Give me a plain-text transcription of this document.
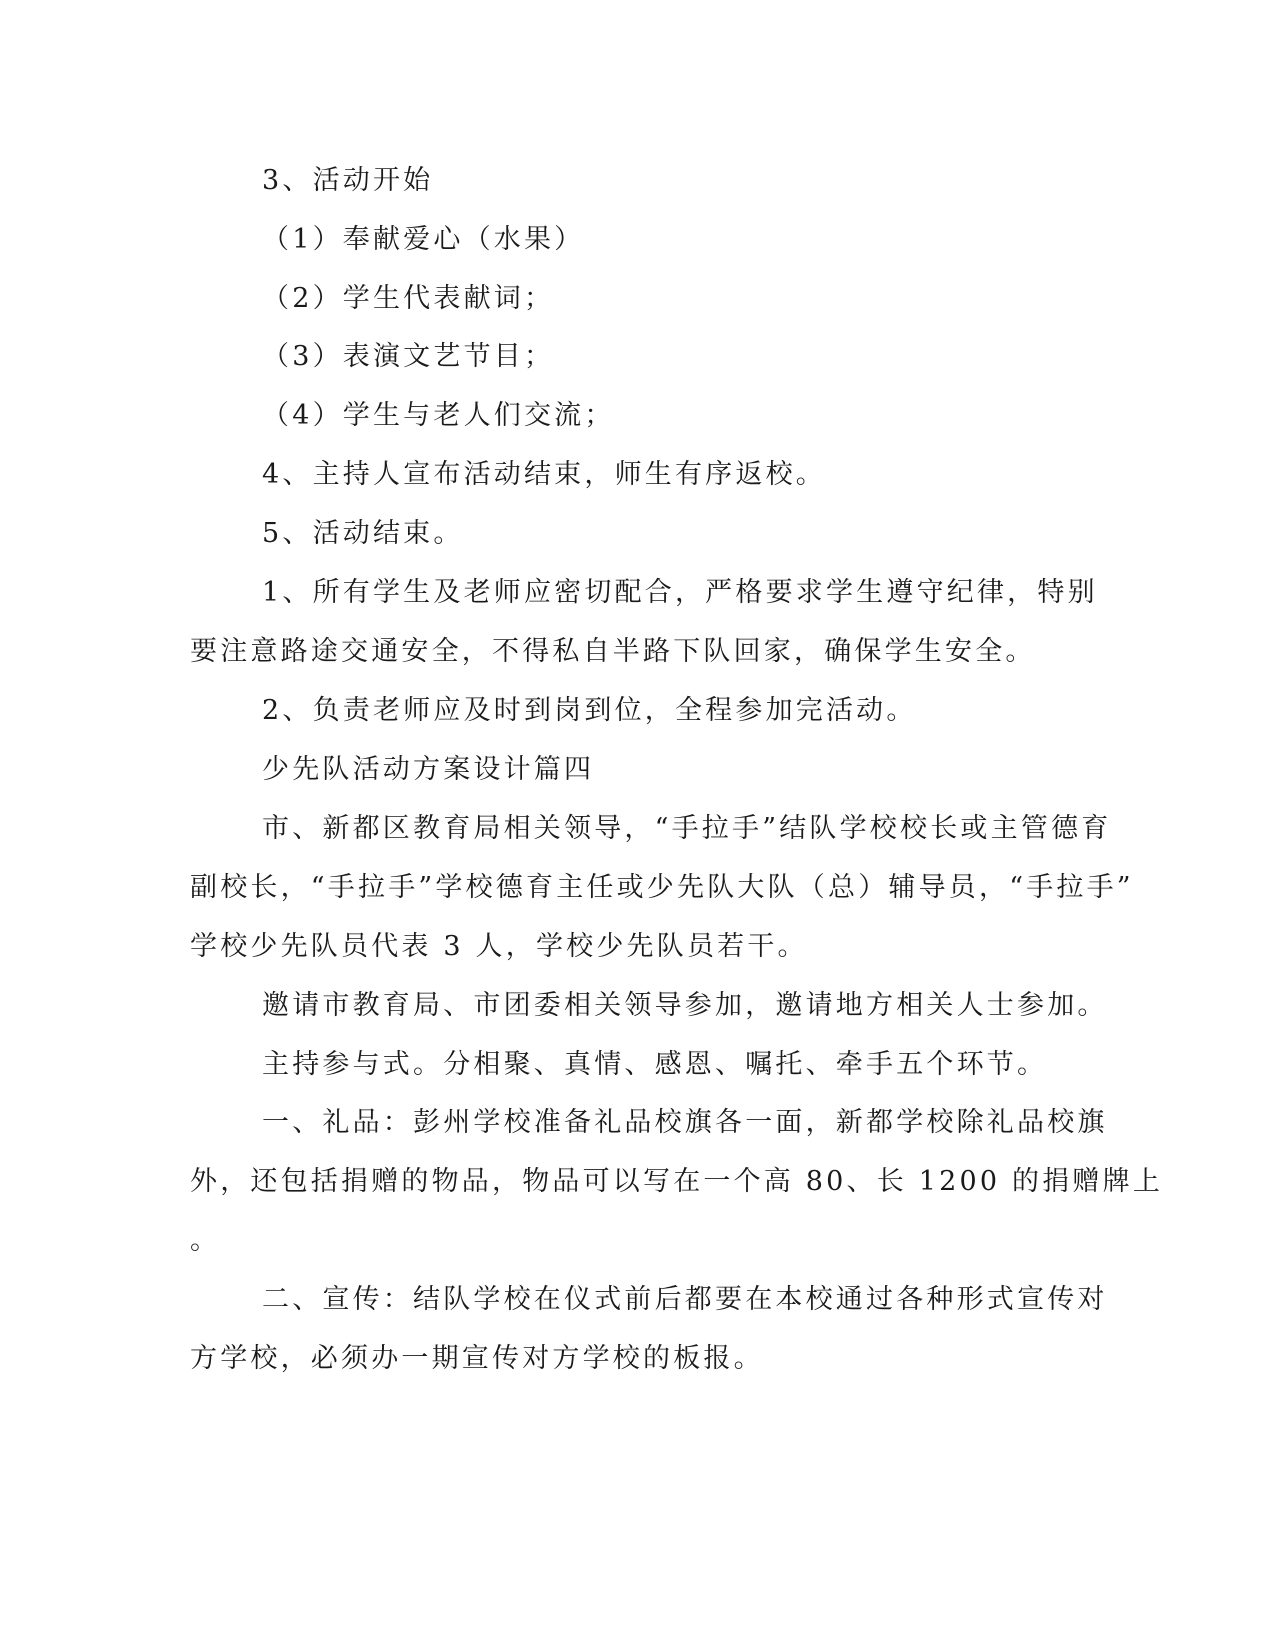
3、活动开始
（1）奉献爱心（水果）
（2）学生代表献词；
（3）表演文艺节目；
（4）学生与老人们交流；
4、主持人宣布活动结束，师生有序返校。
5、活动结束。
1、所有学生及老师应密切配合，严格要求学生遵守纪律，特别
要注意路途交通安全，不得私自半路下队回家，确保学生安全。
2、负责老师应及时到岗到位，全程参加完活动。
少先队活动方案设计篇四
市、新都区教育局相关领导，“手拉手”结队学校校长或主管德育
副校长，“手拉手”学校德育主任或少先队大队（总）辅导员，“手拉手”
学校少先队员代表 3 人，学校少先队员若干。
邀请市教育局、市团委相关领导参加，邀请地方相关人士参加。
主持参与式。分相聚、真情、感恩、嘱托、牵手五个环节。
一、礼品：彭州学校准备礼品校旗各一面，新都学校除礼品校旗
外，还包括捐赠的物品，物品可以写在一个高 80、长 1200 的捐赠牌上
。
二、宣传：结队学校在仪式前后都要在本校通过各种形式宣传对
方学校，必须办一期宣传对方学校的板报。
